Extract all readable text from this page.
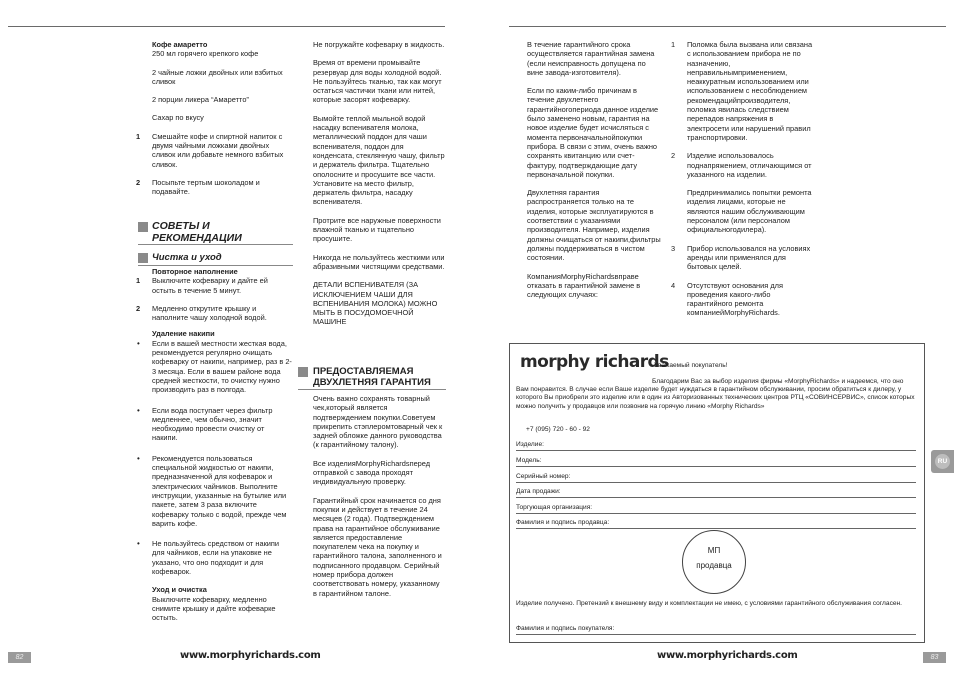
Кофе амаретто

250 мл горячего крепкого кофе

2 чайные ложки двойных или взбитых сливок

2 порции ликера “Амаретто”

Сахар по вкусу

1 Смешайте кофе и спиртной напиток с двумя чайными ложками двойных сливок или добавьте немного взбитых сливок.
2 Посыпьте тертым шоколадом и подавайте.
СОВЕТЫ И РЕКОМЕНДАЦИИ
Чистка и уход
Повторное наполнение
1 Выключите кофеварку и дайте ей остыть в течение 5 минут.
2 Медленно открутите крышку и наполните чашу холодной водой.
Удаление накипи
• Если в вашей местности жесткая вода, рекомендуется регулярно очищать кофеварку от накипи, например, раз в 2-3 месяца. Если в вашем районе вода средней жесткости, то очистку нужно производить раз в полгода.
• Если вода поступает через фильтр медленнее, чем обычно, значит необходимо провести очистку от накипи.
• Рекомендуется пользоваться специальной жидкостью от накипи, предназначенной для кофеварок и электрических чайников. Выполните инструкции, указанные на бутылке или пакете, затем 3 раза включите кофеварку только с водой, прежде чем варить кофе.
• Не пользуйтесь средством от накипи для чайников, если на упаковке не указано, что оно подходит и для кофеварок.
Уход и очистка
Выключите кофеварку, медленно снимите крышку и дайте кофеварке остыть.

Не погружайте кофеварку в жидкость.

Время от времени промывайте резервуар для воды холодной водой. Не пользуйтесь тканью, так как могут остаться частички ткани или нитей, которые засорят кофеварку.

Вымойте теплой мыльной водой насадку вспенивателя молока, металлический поддон для чаши вспенивателя, поддон для конденсата, стеклянную чашу, фильтр и держатель фильтра. Тщательно ополосните и просушите все части. Установите на место фильтр, держатель фильтра, насадку вспенивателя.

Протрите все наружные поверхности влажной тканью и тщательно просушите.

Никогда не пользуйтесь жесткими или абразивными чистящими средствами.

ДЕТАЛИ ВСПЕНИВАТЕЛЯ (ЗА ИСКЛЮЧЕНИЕМ ЧАШИ ДЛЯ ВСПЕНИВАНИЯ МОЛОКА) МОЖНО МЫТЬ В ПОСУДОМОЕЧНОЙ МАШИНЕ

ПРЕДОСТАВЛЯЕМАЯ ДВУХЛЕТНЯЯ ГАРАНТИЯ

Очень важно сохранять товарный чек,который является подтверждением покупки.Советуем прикрепить стэплеромтоварный чек к задней обложке данного руководства (к гарантийному талону).

Все изделияMorphyRichardsперед отправкой с завода проходят индивидуальную проверку.

Гарантийный срок начинается со дня покупки и действует в течение 24 месяцев (2 года). Подтверждением права на гарантийное обслуживание является предоставление покупателем чека на покупку и гарантийного талона, заполненного и подписанного продавцом. Серийный номер прибора должен соответствовать номеру, указанному в гарантийном талоне.

82	www.morphyrichards.com

В течение гарантийного срока осуществляется гарантийная замена (если неисправность допущена по вине завода-изготовителя).

Если по каким-либо причинам в течение двухлетнего гарантийногопериода данное изделие было заменено новым, гарантия на новое изделие будет исчисляться с момента первоначальнойпокупки прибора. В связи с этим, очень важно сохранять квитанцию или счет-фактуру, подтверждающие дату первоначальной покупки.

Двухлетняя гарантия распространяется только на те изделия, которые эксплуатируются в соответствии с указаниями производителя. Например, изделия должны очищаться от накипи,фильтры должны поддерживаться в чистом состоянии.

КомпанияMorphyRichardsвправе отказать в гарантийной замене в следующих случаях:

1 Поломка была вызвана или связана с использованием прибора не по назначению, неправильнымприменением, неаккуратным использованием или использованием с несоблюдением рекомендацийпроизводителя, поломка явилась следствием перепадов напряжения в электросети или нарушений правил транспортировки.
2 Изделие использовалось поднапряжением, отличающимся от указанного на изделии.
Предпринимались попытки ремонта изделия лицами, которые не являются нашим обслуживающим персоналом (или персоналом официальногодилера).
3 Прибор использовался на условиях аренды или применялся для бытовых целей.
4 Отсутствуют основания для проведения какого-либо гарантийного ремонта компаниейMorphyRichards.
morphy richards
Уважаемый покупатель!
Благодарим Вас за выбор изделия фирмы «MorphyRichards» и надеемся, что оно Вам понравится. В случае если Ваше изделие будет нуждаться в гарантийном обслуживании, просим обратиться к дилеру, у которого Вы приобрели это изделие или в один из Авторизованных технических центров РТЦ «СОВИНСЕРВИС», список которых можно получить у продавцов или позвонив на горячую линию «Morphy Richards»
+7 (095) 720 - 60 - 92
Изделие:
Модель:
Серийный номер:
Дата продажи:
Торгующая организация:
Фамилия и подпись продавца:
МП
продавца
Изделие получено. Претензий к внешнему виду и комплектации не имею, с условиями гарантийного обслуживания согласен.
Фамилия и подпись покупателя:
RU
www.morphyrichards.com	83
